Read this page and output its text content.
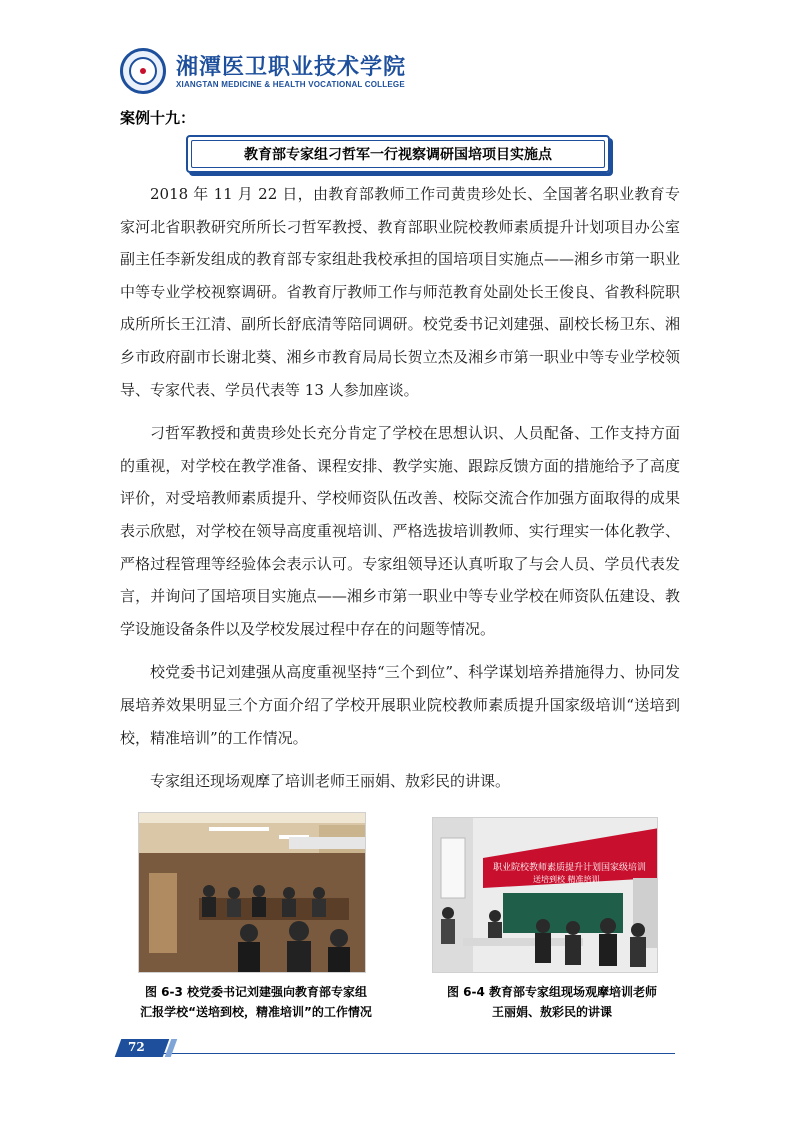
湘潭医卫职业技术学院
XIANGTAN MEDICINE & HEALTH VOCATIONAL COLLEGE
案例十九：
教育部专家组刁哲军一行视察调研国培项目实施点

2018 年 11 月 22 日，由教育部教师工作司黄贵珍处长、全国著名职业教育专家河北省职教研究所所长刁哲军教授、教育部职业院校教师素质提升计划项目办公室副主任李新发组成的教育部专家组赴我校承担的国培项目实施点——湘乡市第一职业中等专业学校视察调研。省教育厅教师工作与师范教育处副处长王俊良、省教科院职成所所长王江清、副所长舒底清等陪同调研。校党委书记刘建强、副校长杨卫东、湘乡市政府副市长谢北葵、湘乡市教育局局长贺立杰及湘乡市第一职业中等专业学校领导、专家代表、学员代表等 13 人参加座谈。

刁哲军教授和黄贵珍处长充分肯定了学校在思想认识、人员配备、工作支持方面的重视，对学校在教学准备、课程安排、教学实施、跟踪反馈方面的措施给予了高度评价，对受培教师素质提升、学校师资队伍改善、校际交流合作加强方面取得的成果表示欣慰，对学校在领导高度重视培训、严格选拔培训教师、实行理实一体化教学、严格过程管理等经验体会表示认可。专家组领导还认真听取了与会人员、学员代表发言，并询问了国培项目实施点——湘乡市第一职业中等专业学校在师资队伍建设、教学设施设备条件以及学校发展过程中存在的问题等情况。

校党委书记刘建强从高度重视坚持“三个到位”、科学谋划培养措施得力、协同发展培养效果明显三个方面介绍了学校开展职业院校教师素质提升国家级培训“送培到校，精准培训”的工作情况。

专家组还现场观摩了培训老师王丽娟、敖彩民的讲课。

职业院校教师素质提升计划国家级培训
送培到校 精准培训
图 6-3 校党委书记刘建强向教育部专家组
汇报学校“送培到校，精准培训”的工作情况
图 6-4 教育部专家组现场观摩培训老师
王丽娟、敖彩民的讲课
72
